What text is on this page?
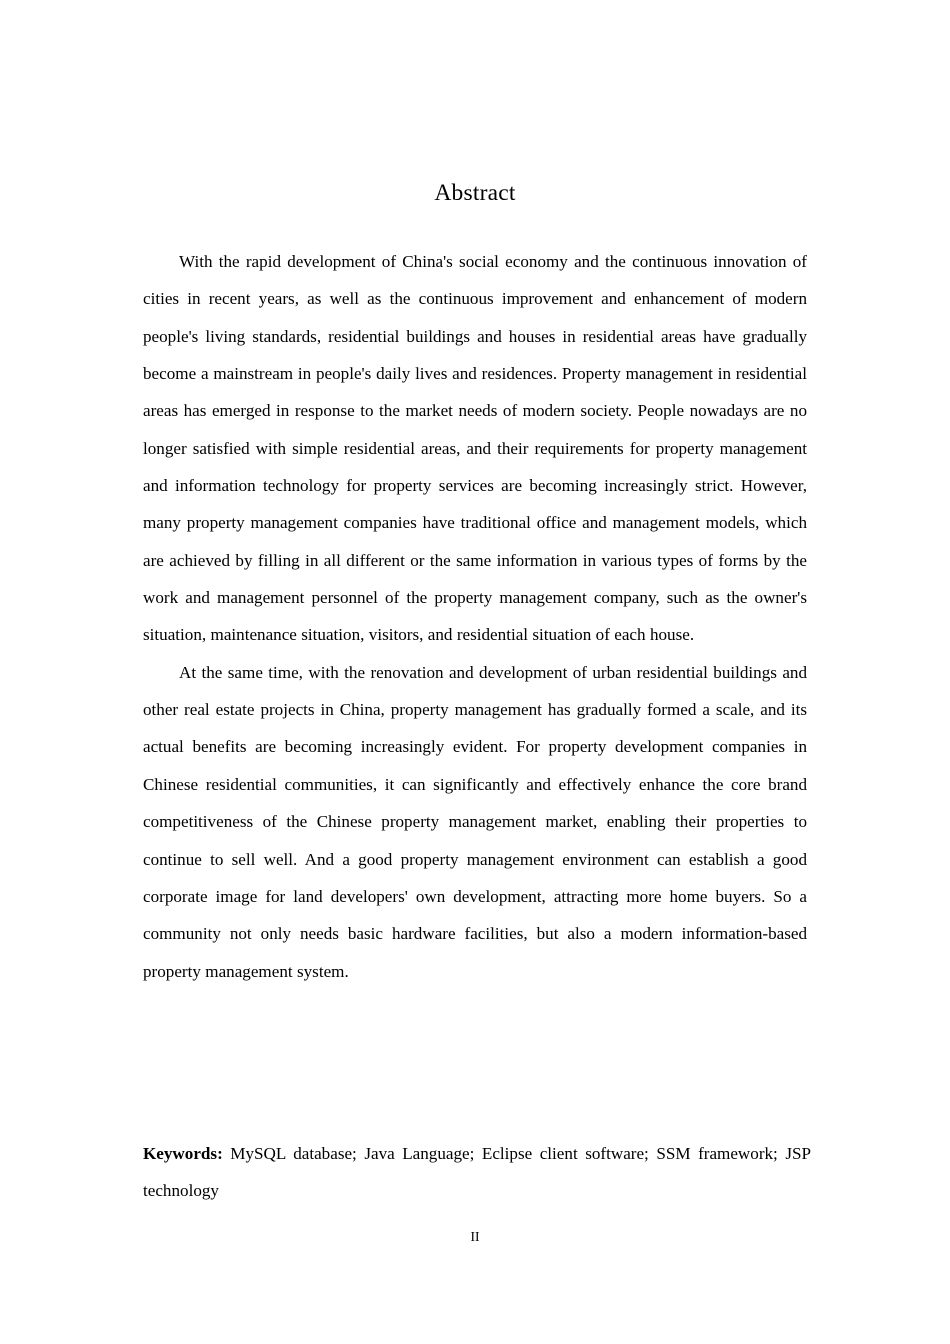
Abstract

With the rapid development of China's social economy and the continuous innovation of cities in recent years, as well as the continuous improvement and enhancement of modern people's living standards, residential buildings and houses in residential areas have gradually become a mainstream in people's daily lives and residences. Property management in residential areas has emerged in response to the market needs of modern society. People nowadays are no longer satisfied with simple residential areas, and their requirements for property management and information technology for property services are becoming increasingly strict. However, many property management companies have traditional office and management models, which are achieved by filling in all different or the same information in various types of forms by the work and management personnel of the property management company, such as the owner's situation, maintenance situation, visitors, and residential situation of each house.

At the same time, with the renovation and development of urban residential buildings and other real estate projects in China, property management has gradually formed a scale, and its actual benefits are becoming increasingly evident. For property development companies in Chinese residential communities, it can significantly and effectively enhance the core brand competitiveness of the Chinese property management market, enabling their properties to continue to sell well. And a good property management environment can establish a good corporate image for land developers' own development, attracting more home buyers. So a community not only needs basic hardware facilities, but also a modern information-based property management system.

Keywords: MySQL database; Java Language; Eclipse client software; SSM framework; JSP technology

II
